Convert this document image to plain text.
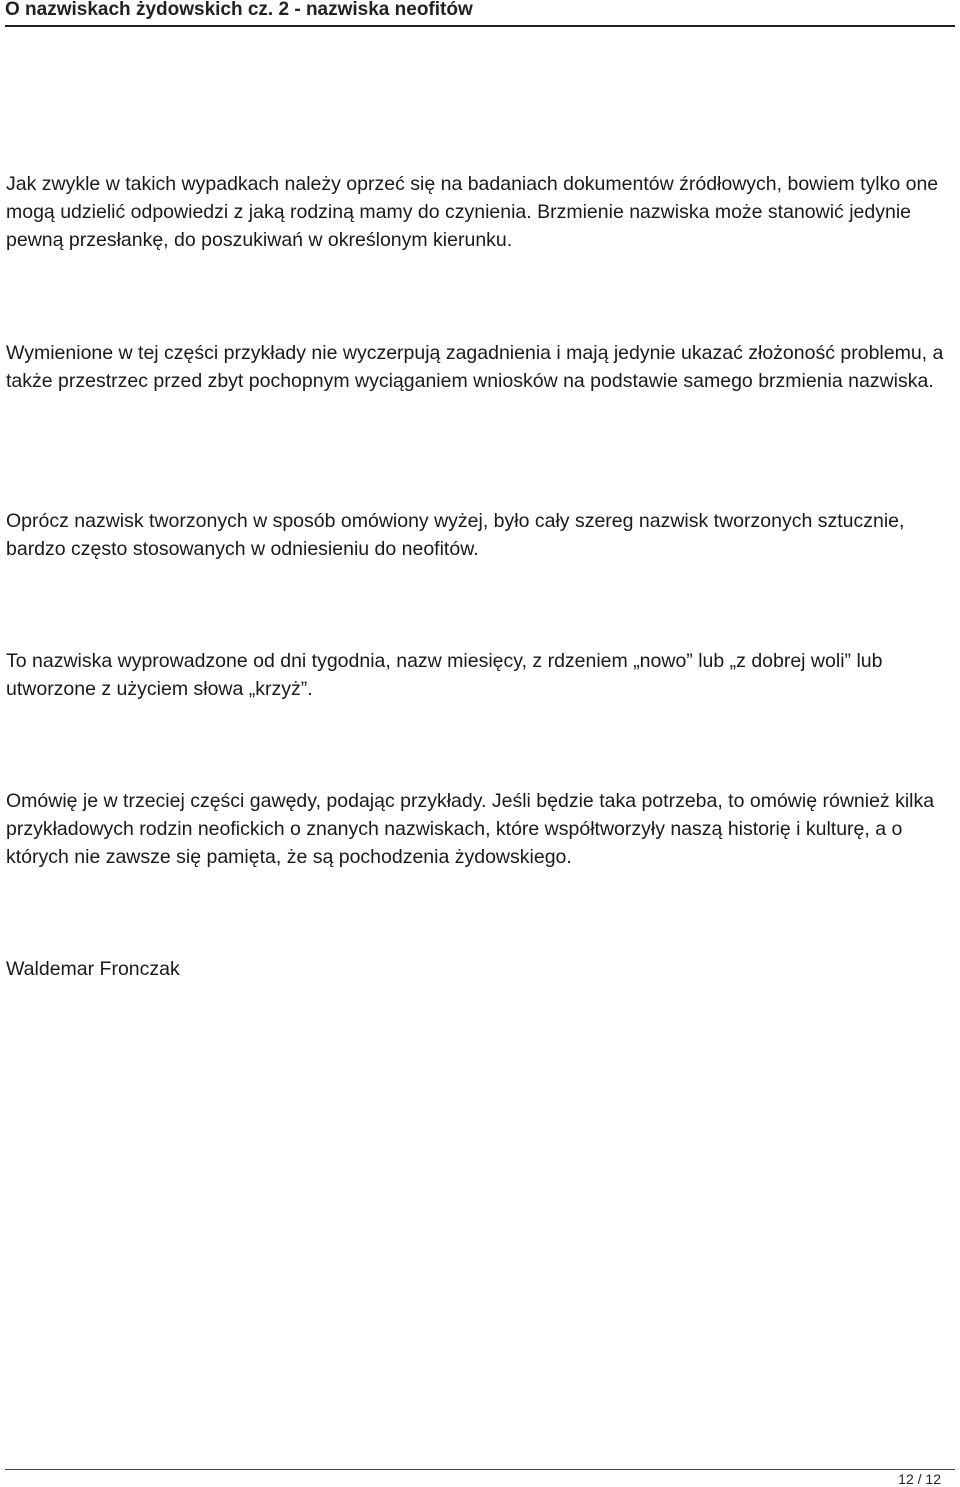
O nazwiskach żydowskich cz. 2 - nazwiska neofitów

Jak zwykle w takich wypadkach należy oprzeć się na badaniach dokumentów źródłowych, bowiem tylko one mogą udzielić odpowiedzi z jaką rodziną mamy do czynienia. Brzmienie nazwiska może stanowić jedynie pewną przesłankę, do poszukiwań w określonym kierunku.

Wymienione w tej części przykłady nie wyczerpują zagadnienia i mają jedynie ukazać złożoność problemu, a także przestrzec przed zbyt pochopnym wyciąganiem wniosków na podstawie samego brzmienia nazwiska.

Oprócz nazwisk tworzonych w sposób omówiony wyżej, było cały szereg nazwisk tworzonych sztucznie, bardzo często stosowanych w odniesieniu do neofitów.

To nazwiska wyprowadzone od dni tygodnia, nazw miesięcy, z rdzeniem „nowo” lub „z dobrej woli” lub utworzone z użyciem słowa „krzyż”.

Omówię je w trzeciej części gawędy, podając przykłady. Jeśli będzie taka potrzeba, to omówię również kilka przykładowych rodzin neofickich o znanych nazwiskach, które współtworzyły naszą historię i kulturę, a o których nie zawsze się pamięta, że są pochodzenia żydowskiego.

Waldemar Fronczak

12 / 12
